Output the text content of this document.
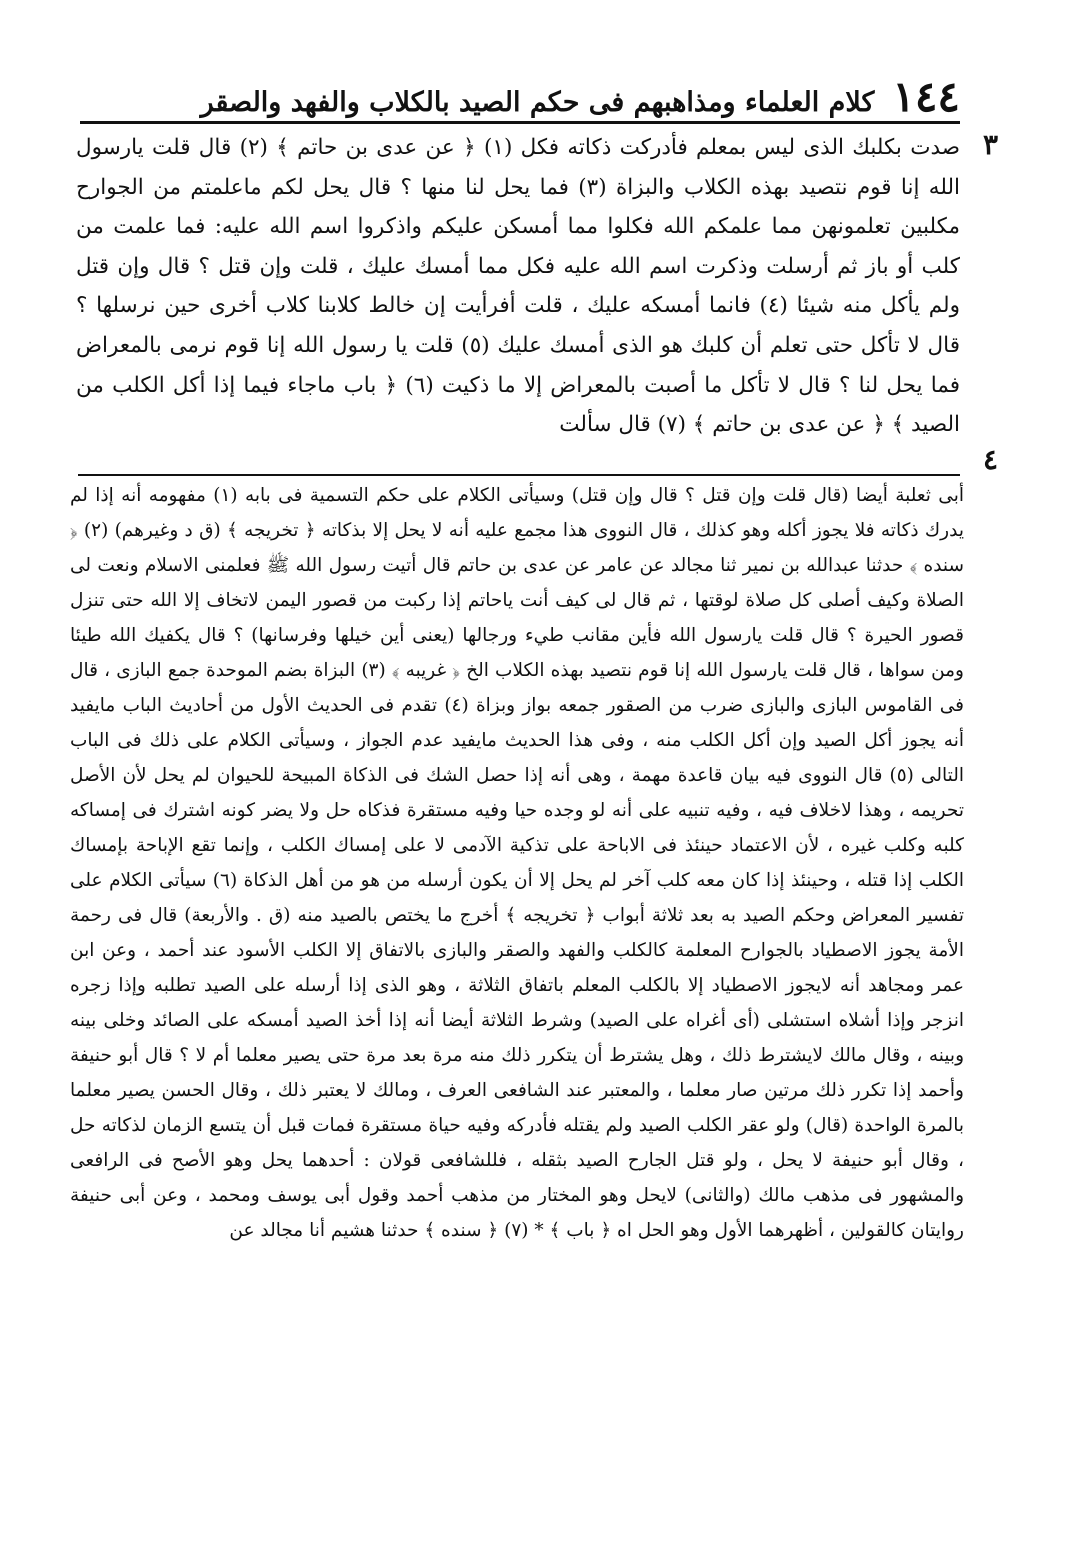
١٤٤
كلام العلماء ومذاهبهم فى حكم الصيد بالكلاب والفهد والصقر
٣
٤

صدت بكلبك الذى ليس بمعلم فأدركت ذكاته فكل (١) ﴿ عن عدى بن حاتم ﴾ (٢) قال قلت يارسول الله إنا قوم نتصيد بهذه الكلاب والبزاة (٣) فما يحل لنا منها ؟ قال يحل لكم ماعلمتم من الجوارح مكلبين تعلمونهن مما علمكم الله فكلوا مما أمسكن عليكم واذكروا اسم الله عليه: فما علمت من كلب أو باز ثم أرسلت وذكرت اسم الله عليه فكل مما أمسك عليك ، قلت وإن قتل ؟ قال وإن قتل ولم يأكل منه شيئا (٤) فانما أمسكه عليك ، قلت أفرأيت إن خالط كلابنا كلاب أخرى حين نرسلها ؟ قال لا تأكل حتى تعلم أن كلبك هو الذى أمسك عليك (٥) قلت يا رسول الله إنا قوم نرمى بالمعراض فما يحل لنا ؟ قال لا تأكل ما أصبت بالمعراض إلا ما ذكيت (٦) ﴿ باب ماجاء فيما إذا أكل الكلب من الصيد ﴾ ﴿ عن عدى بن حاتم ﴾ (٧) قال سألت

أبى ثعلبة أيضا (قال قلت وإن قتل ؟ قال وإن قتل) وسيأتى الكلام على حكم التسمية فى بابه (١) مفهومه أنه إذا لم يدرك ذكاته فلا يجوز أكله وهو كذلك ، قال النووى هذا مجمع عليه أنه لا يحل إلا بذكاته ﴿ تخريجه ﴾ (ق د وغيرهم) (٢) ﴿ سنده ﴾ حدثنا عبدالله بن نمير ثنا مجالد عن عامر عن عدى بن حاتم قال أتيت رسول الله ﷺ فعلمنى الاسلام ونعت لى الصلاة وكيف أصلى كل صلاة لوقتها ، ثم قال لى كيف أنت ياحاتم إذا ركبت من قصور اليمن لاتخاف إلا الله حتى تنزل قصور الحيرة ؟ قال قلت يارسول الله فأين مقانب طيء ورجالها (يعنى أين خيلها وفرسانها) ؟ قال يكفيك الله طيئا ومن سواها ، قال قلت يارسول الله إنا قوم نتصيد بهذه الكلاب الخ ﴿ غريبه ﴾ (٣) البزاة بضم الموحدة جمع البازى ، قال فى القاموس البازى والبازى ضرب من الصقور جمعه بواز وبزاة (٤) تقدم فى الحديث الأول من أحاديث الباب مايفيد أنه يجوز أكل الصيد وإن أكل الكلب منه ، وفى هذا الحديث مايفيد عدم الجواز ، وسيأتى الكلام على ذلك فى الباب التالى (٥) قال النووى فيه بيان قاعدة مهمة ، وهى أنه إذا حصل الشك فى الذكاة المبيحة للحيوان لم يحل لأن الأصل تحريمه ، وهذا لاخلاف فيه ، وفيه تنبيه على أنه لو وجده حيا وفيه مستقرة فذكاه حل ولا يضر كونه اشترك فى إمساكه كلبه وكلب غيره ، لأن الاعتماد حينئذ فى الاباحة على تذكية الآدمى لا على إمساك الكلب ، وإنما تقع الإباحة بإمساك الكلب إذا قتله ، وحينئذ إذا كان معه كلب آخر لم يحل إلا أن يكون أرسله من هو من أهل الذكاة (٦) سيأتى الكلام على تفسير المعراض وحكم الصيد به بعد ثلاثة أبواب ﴿ تخريجه ﴾ أخرج ما يختص بالصيد منه (ق . والأربعة) قال فى رحمة الأمة يجوز الاصطياد بالجوارح المعلمة كالكلب والفهد والصقر والبازى بالاتفاق إلا الكلب الأسود عند أحمد ، وعن ابن عمر ومجاهد أنه لايجوز الاصطياد إلا بالكلب المعلم باتفاق الثلاثة ، وهو الذى إذا أرسله على الصيد تطلبه وإذا زجره انزجر وإذا أشلاه استشلى (أى أغراه على الصيد) وشرط الثلاثة أيضا أنه إذا أخذ الصيد أمسكه على الصائد وخلى بينه وبينه ، وقال مالك لايشترط ذلك ، وهل يشترط أن يتكرر ذلك منه مرة بعد مرة حتى يصير معلما أم لا ؟ قال أبو حنيفة وأحمد إذا تكرر ذلك مرتين صار معلما ، والمعتبر عند الشافعى العرف ، ومالك لا يعتبر ذلك ، وقال الحسن يصير معلما بالمرة الواحدة (قال) ولو عقر الكلب الصيد ولم يقتله فأدركه وفيه حياة مستقرة فمات قبل أن يتسع الزمان لذكاته حل ، وقال أبو حنيفة لا يحل ، ولو قتل الجارح الصيد بثقله ، فللشافعى قولان : أحدهما يحل وهو الأصح فى الرافعى والمشهور فى مذهب مالك (والثانى) لايحل وهو المختار من مذهب أحمد وقول أبى يوسف ومحمد ، وعن أبى حنيفة روايتان كالقولين ، أظهرهما الأول وهو الحل اه ﴿ باب ﴾ * (٧) ﴿ سنده ﴾ حدثنا هشيم أنا مجالد عن
